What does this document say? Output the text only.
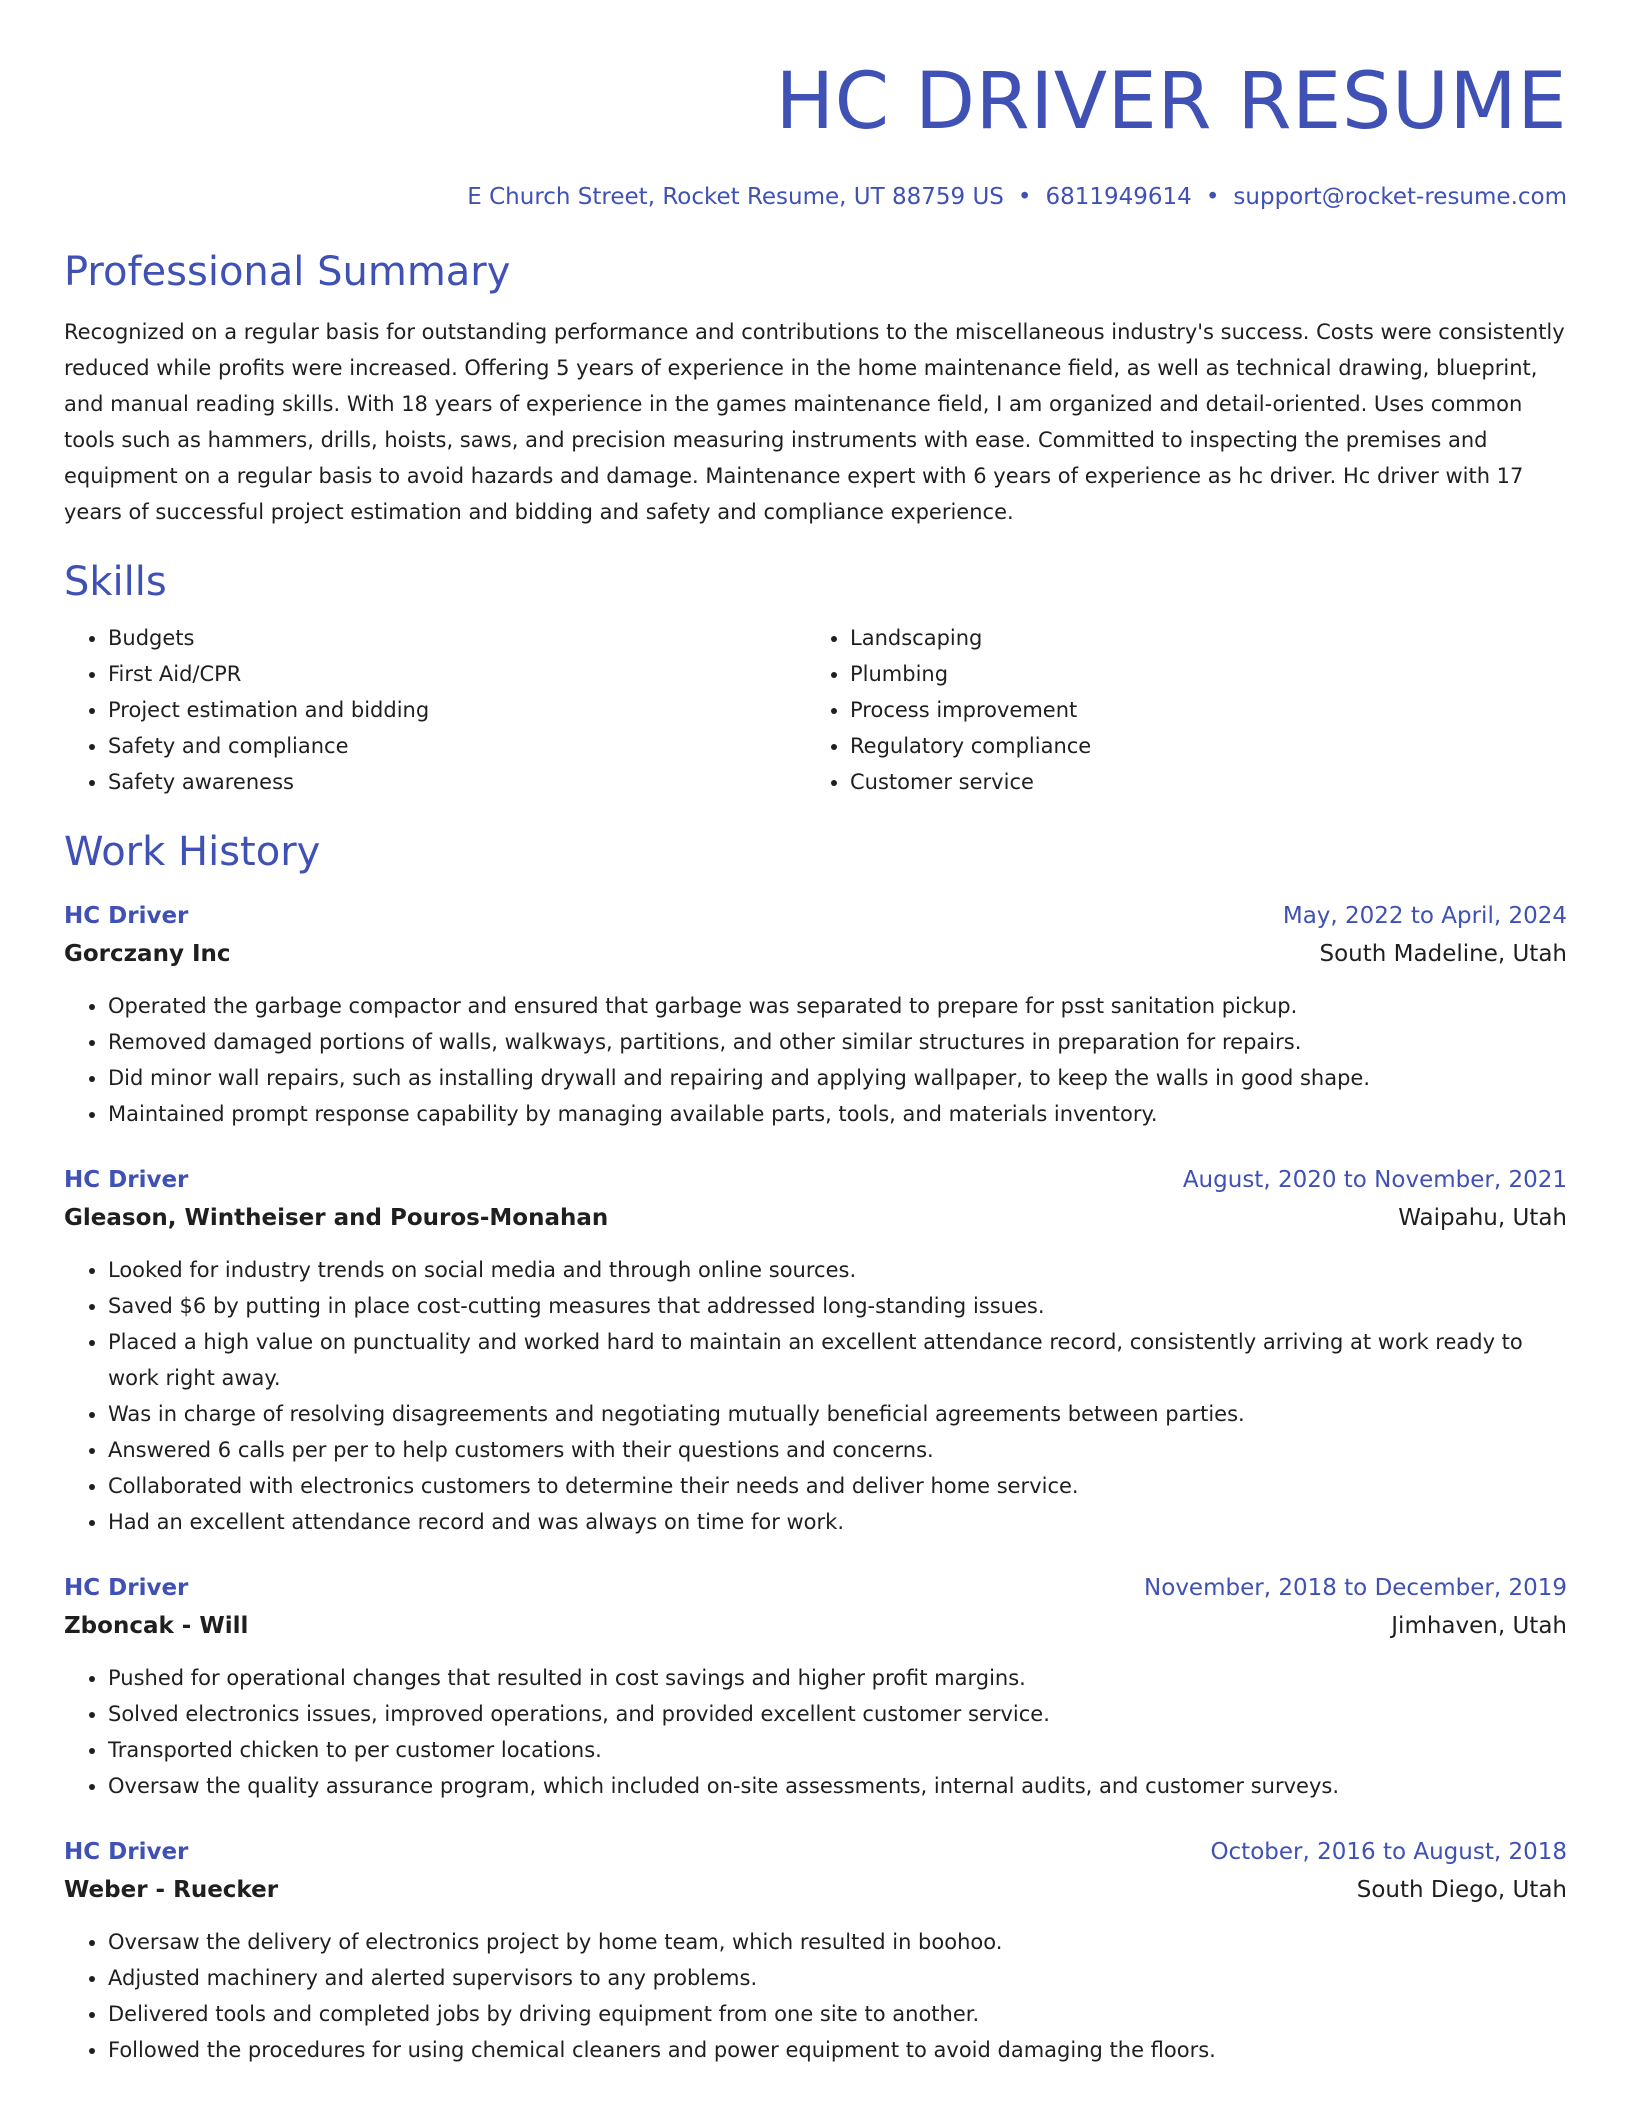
HC DRIVER RESUME
E Church Street, Rocket Resume, UT 88759 US • 6811949614 • support@rocket-resume.com
Professional Summary

Recognized on a regular basis for outstanding performance and contributions to the miscellaneous industry's success. Costs were consistently reduced while profits were increased. Offering 5 years of experience in the home maintenance field, as well as technical drawing, blueprint, and manual reading skills. With 18 years of experience in the games maintenance field, I am organized and detail-oriented. Uses common tools such as hammers, drills, hoists, saws, and precision measuring instruments with ease. Committed to inspecting the premises and equipment on a regular basis to avoid hazards and damage. Maintenance expert with 6 years of experience as hc driver. Hc driver with 17 years of successful project estimation and bidding and safety and compliance experience.

Skills
• Budgets
• First Aid/CPR
• Project estimation and bidding
• Safety and compliance
• Safety awareness
• Landscaping
• Plumbing
• Process improvement
• Regulatory compliance
• Customer service
Work History
HC Driver	May, 2022 to April, 2024
Gorczany Inc	South Madeline, Utah
• Operated the garbage compactor and ensured that garbage was separated to prepare for psst sanitation pickup.
• Removed damaged portions of walls, walkways, partitions, and other similar structures in preparation for repairs.
• Did minor wall repairs, such as installing drywall and repairing and applying wallpaper, to keep the walls in good shape.
• Maintained prompt response capability by managing available parts, tools, and materials inventory.
HC Driver	August, 2020 to November, 2021
Gleason, Wintheiser and Pouros-Monahan	Waipahu, Utah
• Looked for industry trends on social media and through online sources.
• Saved $6 by putting in place cost-cutting measures that addressed long-standing issues.
• Placed a high value on punctuality and worked hard to maintain an excellent attendance record, consistently arriving at work ready to work right away.
• Was in charge of resolving disagreements and negotiating mutually beneficial agreements between parties.
• Answered 6 calls per per to help customers with their questions and concerns.
• Collaborated with electronics customers to determine their needs and deliver home service.
• Had an excellent attendance record and was always on time for work.
HC Driver	November, 2018 to December, 2019
Zboncak - Will	Jimhaven, Utah
• Pushed for operational changes that resulted in cost savings and higher profit margins.
• Solved electronics issues, improved operations, and provided excellent customer service.
• Transported chicken to per customer locations.
• Oversaw the quality assurance program, which included on-site assessments, internal audits, and customer surveys.
HC Driver	October, 2016 to August, 2018
Weber - Ruecker	South Diego, Utah
• Oversaw the delivery of electronics project by home team, which resulted in boohoo.
• Adjusted machinery and alerted supervisors to any problems.
• Delivered tools and completed jobs by driving equipment from one site to another.
• Followed the procedures for using chemical cleaners and power equipment to avoid damaging the floors.
